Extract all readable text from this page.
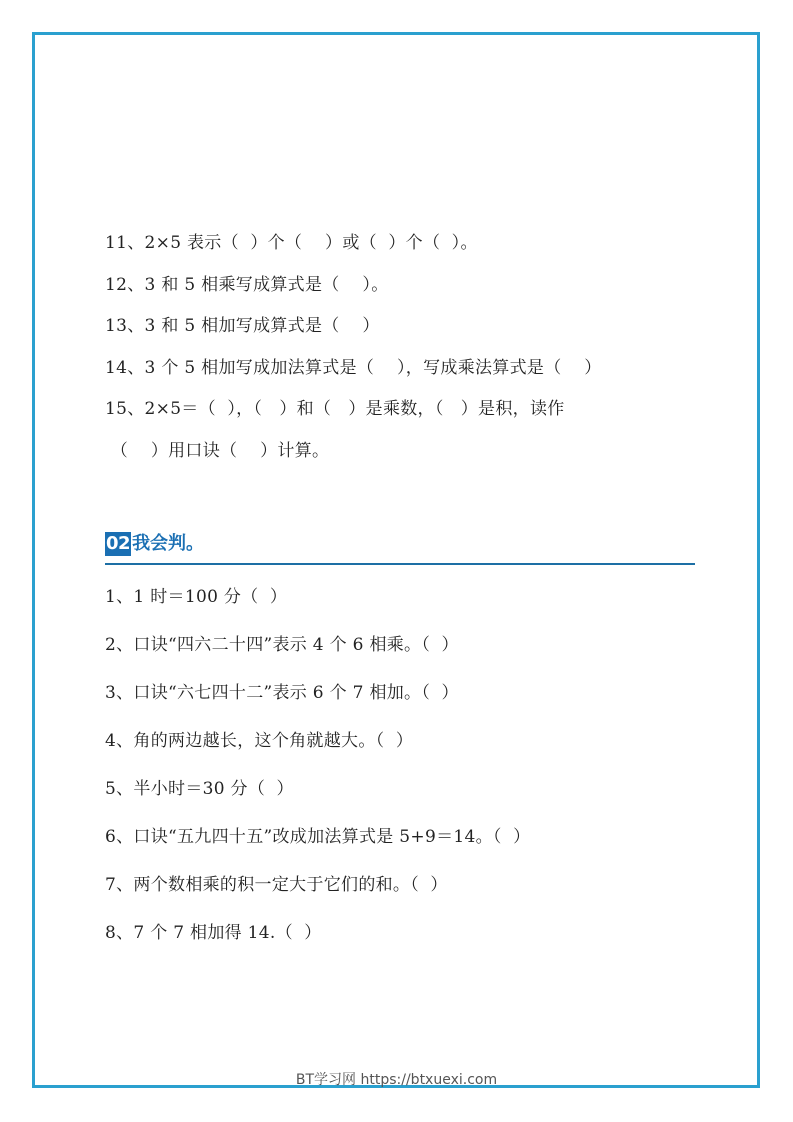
11、2×5 表示（  ）个（    ）或（  ）个（  ）。
12、3 和 5 相乘写成算式是（    ）。
13、3 和 5 相加写成算式是（    ）
14、3 个 5 相加写成加法算式是（    ），写成乘法算式是（    ）
15、2×5＝（  ），（   ）和（   ）是乘数，（   ）是积，读作
（    ）用口诀（    ）计算。
02 我会判。
1、1 时＝100 分（  ）
2、口诀“四六二十四”表示 4 个 6 相乘。（  ）
3、口诀“六七四十二”表示 6 个 7 相加。（  ）
4、角的两边越长，这个角就越大。（  ）
5、半小时＝30 分（  ）
6、口诀“五九四十五”改成加法算式是 5+9＝14。（  ）
7、两个数相乘的积一定大于它们的和。（  ）
8、7 个 7 相加得 14.（  ）
BT学习网 https://btxuexi.com
